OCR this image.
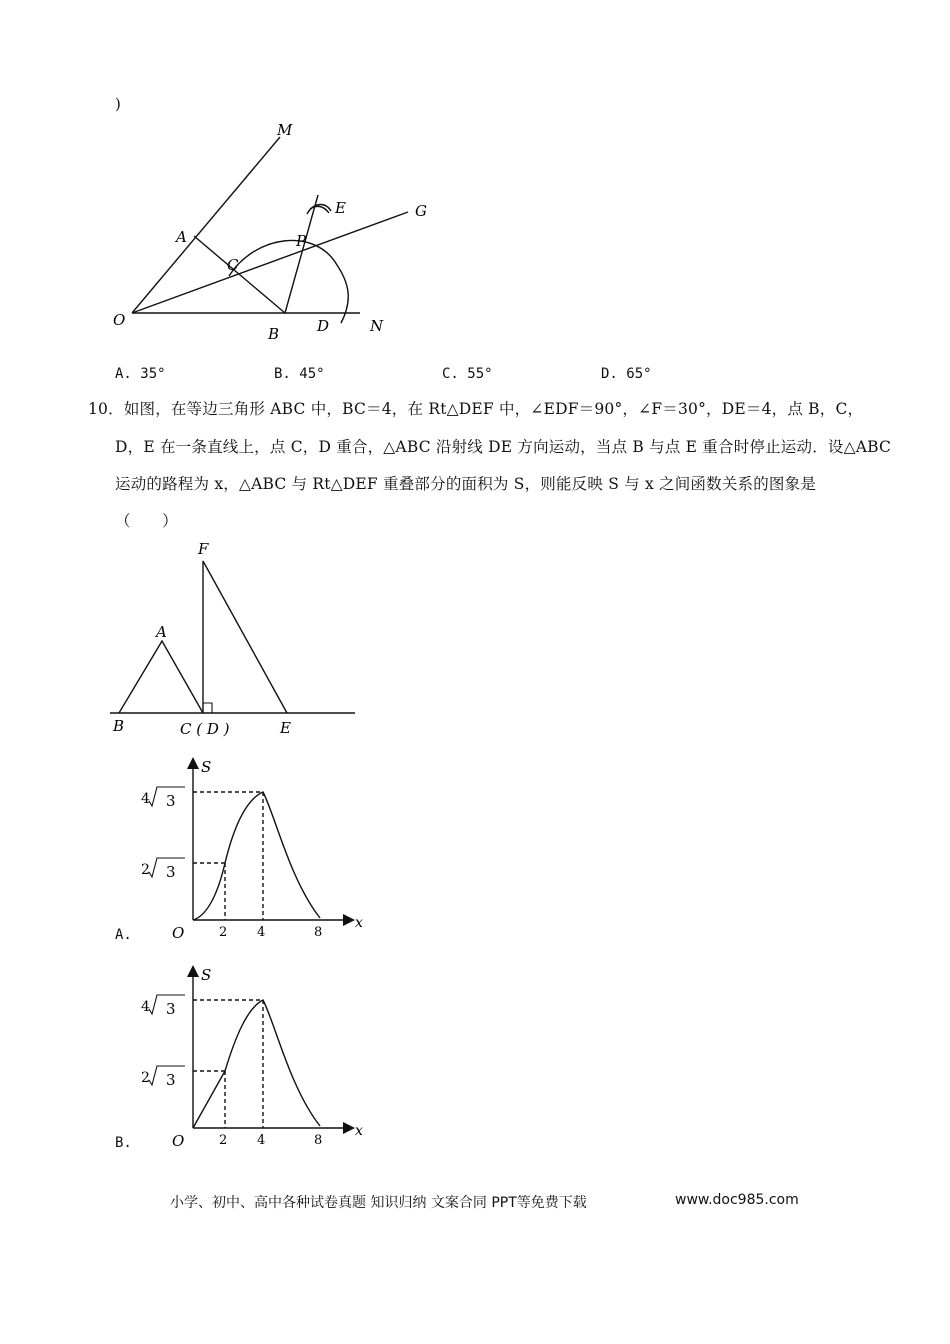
)
M
A
C
E	G
P
O
B	D	N
A. 35°	B. 45°	C. 55°	D. 65°
10．如图，在等边三角形 ABC 中，BC＝4，在 Rt△DEF 中，∠EDF＝90°，∠F＝30°，DE＝4，点 B，C，
D，E 在一条直线上，点 C，D 重合，△ABC 沿射线 DE 方向运动，当点 B 与点 E 重合时停止运动．设△ABC
运动的路程为 x，△ABC 与 Rt△DEF 重叠部分的面积为 S，则能反映 S 与 x 之间函数关系的图象是
（　　）
F
A
B	C ( D )	E
A.
S
x
O	2 4	8
4 3
2 3
B.
S
x
O	2 4	8
4 3
2 3
小学、初中、高中各种试卷真题 知识归纳 文案合同 PPT等免费下载	www.doc985.com
